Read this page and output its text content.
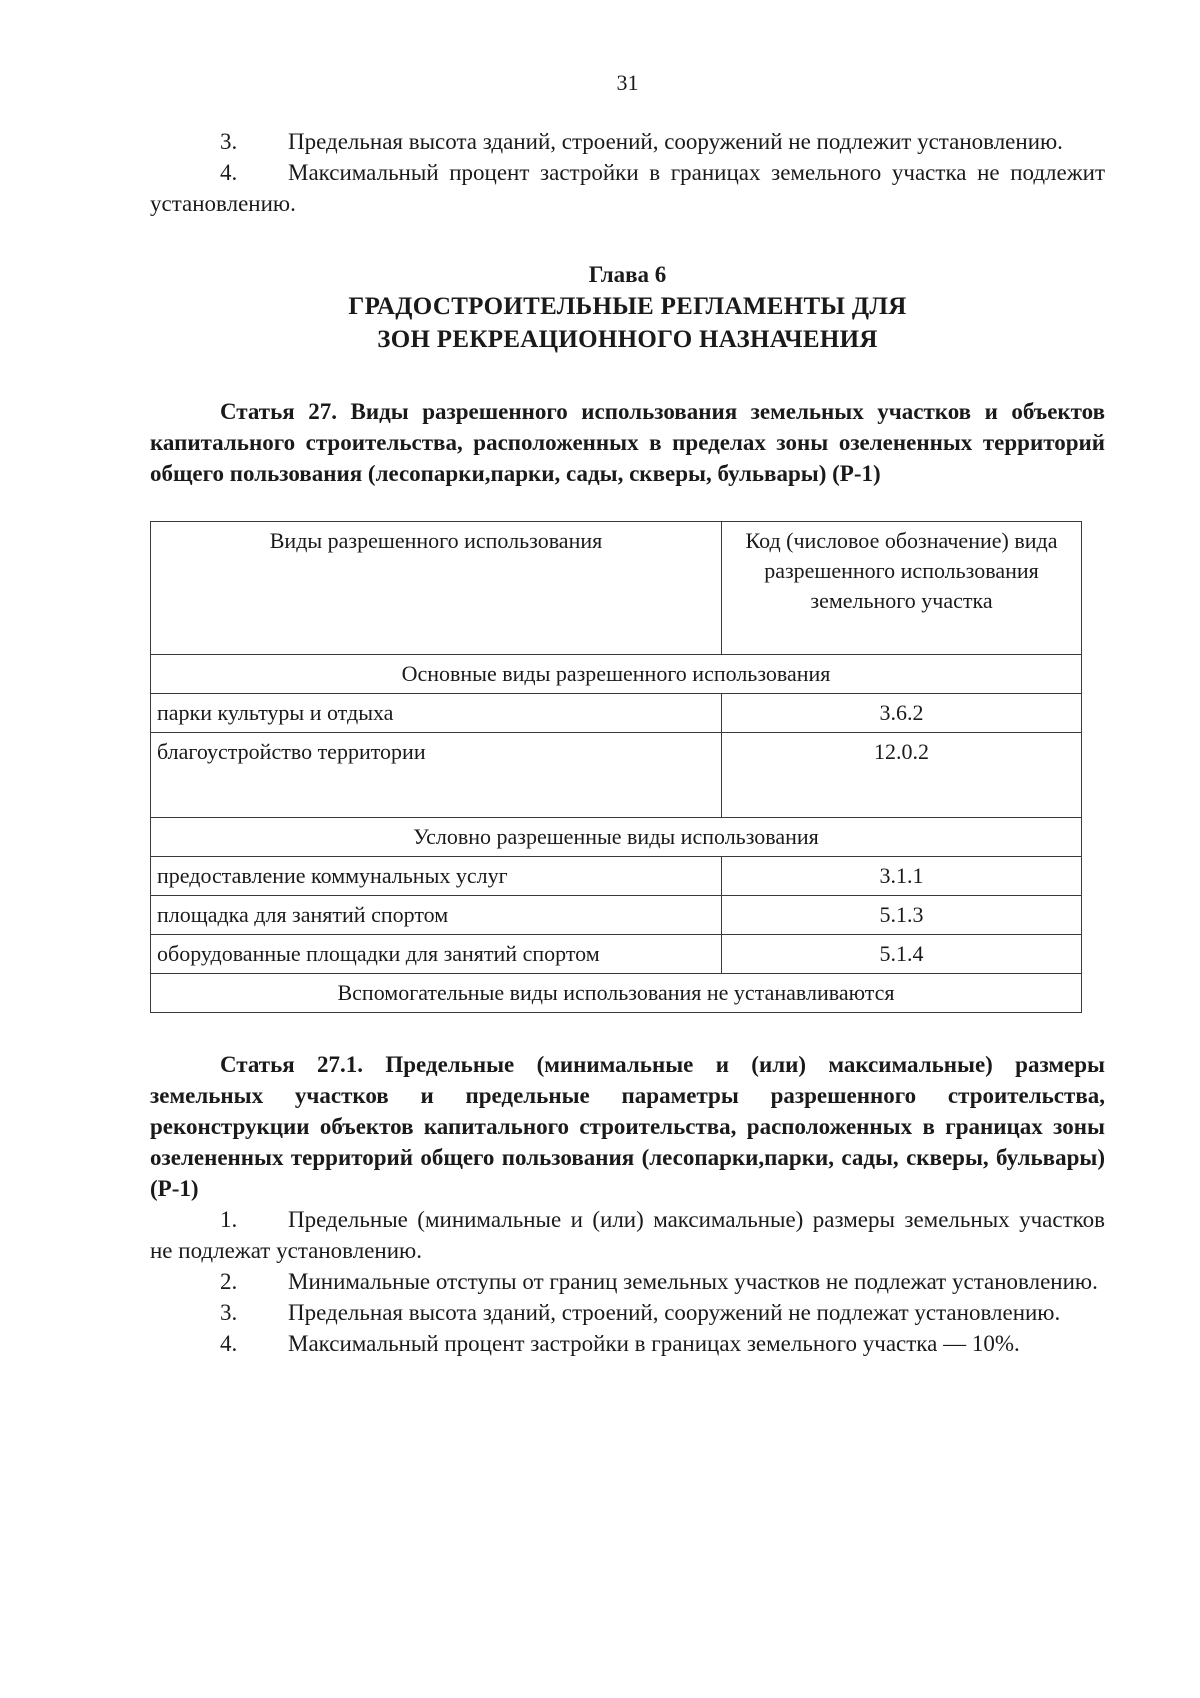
31

3. Предельная высота зданий, строений, сооружений не подлежит установлению.

4. Максимальный процент застройки в границах земельного участка не подлежит установлению.

Глава 6
ГРАДОСТРОИТЕЛЬНЫЕ РЕГЛАМЕНТЫ ДЛЯ
ЗОН РЕКРЕАЦИОННОГО НАЗНАЧЕНИЯ

Статья 27. Виды разрешенного использования земельных участков и объектов капитального строительства, расположенных в пределах зоны озелененных территорий общего пользования (лесопарки,парки, сады, скверы, бульвары) (Р-1)

Виды разрешенного использования	Код (числовое обозначение) вида разрешенного использования земельного участка
Основные виды разрешенного использования	
парки культуры и отдыха	3.6.2
благоустройство территории	12.0.2
Условно разрешенные виды использования	
предоставление коммунальных услуг	3.1.1
площадка для занятий спортом	5.1.3
оборудованные площадки для занятий спортом	5.1.4
Вспомогательные виды использования не устанавливаются	

Статья 27.1. Предельные (минимальные и (или) максимальные) размеры земельных участков и предельные параметры разрешенного строительства, реконструкции объектов капитального строительства, расположенных в границах зоны озелененных территорий общего пользования (лесопарки,парки, сады, скверы, бульвары) (Р-1)

1. Предельные (минимальные и (или) максимальные) размеры земельных участков не подлежат установлению.

2. Минимальные отступы от границ земельных участков не подлежат установлению.

3. Предельная высота зданий, строений, сооружений не подлежат установлению.

4. Максимальный процент застройки в границах земельного участка — 10%.
